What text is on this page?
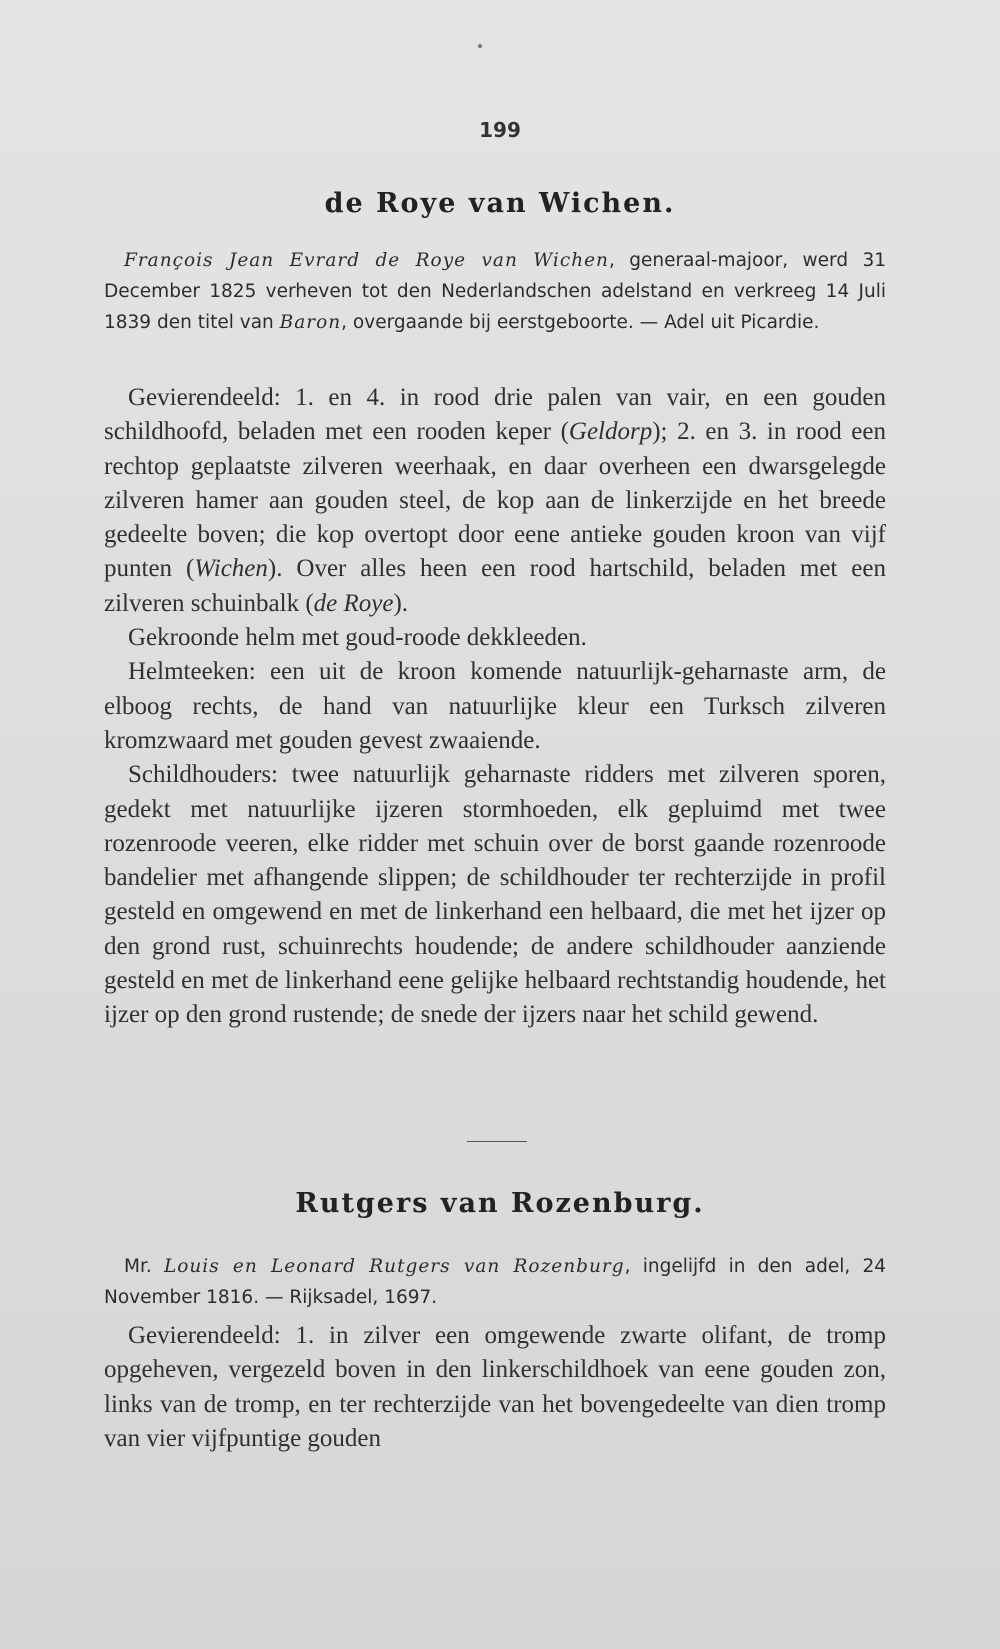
199
de Roye van Wichen.
François Jean Evrard de Roye van Wichen, generaal-majoor, werd 31 December 1825 verheven tot den Nederlandschen adelstand en verkreeg 14 Juli 1839 den titel van Baron, overgaande bij eerstgeboorte. — Adel uit Picardie.

Gevierendeeld: 1. en 4. in rood drie palen van vair, en een gouden schildhoofd, beladen met een rooden keper (Geldorp); 2. en 3. in rood een rechtop geplaatste zilveren weerhaak, en daar overheen een dwarsgelegde zilveren hamer aan gouden steel, de kop aan de linkerzijde en het breede gedeelte boven; die kop overtopt door eene antieke gouden kroon van vijf punten (Wichen). Over alles heen een rood hartschild, beladen met een zilveren schuinbalk (de Roye).

Gekroonde helm met goud-roode dekkleeden.

Helmteeken: een uit de kroon komende natuurlijk-geharnaste arm, de elboog rechts, de hand van natuurlijke kleur een Turksch zilveren kromzwaard met gouden gevest zwaaiende.

Schildhouders: twee natuurlijk geharnaste ridders met zilveren sporen, gedekt met natuurlijke ijzeren stormhoeden, elk gepluimd met twee rozenroode veeren, elke ridder met schuin over de borst gaande rozenroode bandelier met afhangende slippen; de schildhouder ter rechterzijde in profil gesteld en omgewend en met de linkerhand een helbaard, die met het ijzer op den grond rust, schuinrechts houdende; de andere schildhouder aanziende gesteld en met de linkerhand eene gelijke helbaard rechtstandig houdende, het ijzer op den grond rustende; de snede der ijzers naar het schild gewend.

Rutgers van Rozenburg.
Mr. Louis en Leonard Rutgers van Rozenburg, ingelijfd in den adel, 24 November 1816. — Rijksadel, 1697.

Gevierendeeld: 1. in zilver een omgewende zwarte olifant, de tromp opgeheven, vergezeld boven in den linkerschildhoek van eene gouden zon, links van de tromp, en ter rechterzijde van het bovengedeelte van dien tromp van vier vijfpuntige gouden
